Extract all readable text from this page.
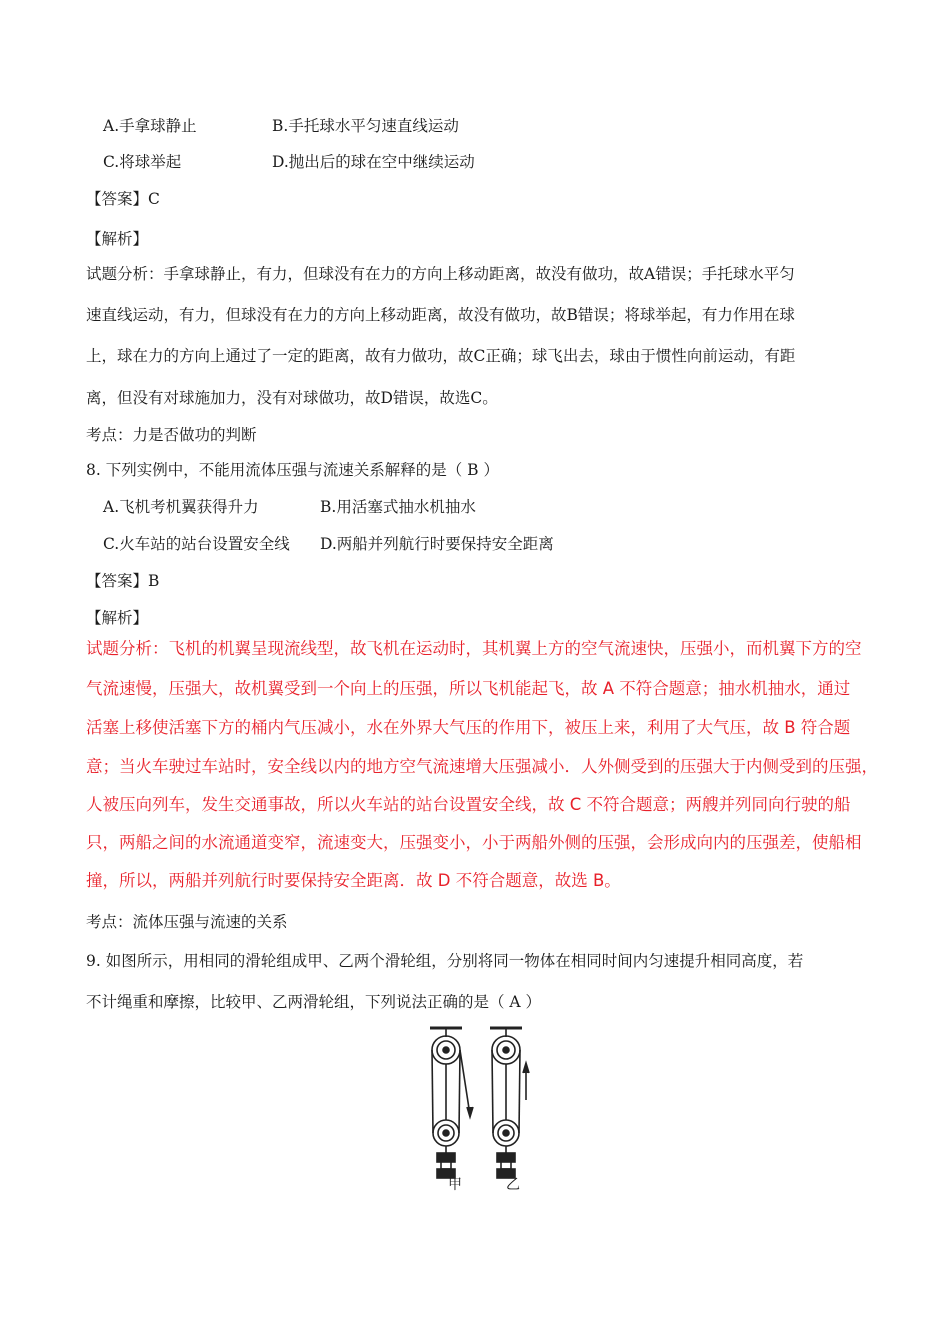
A.手拿球静止	B.手托球水平匀速直线运动
C.将球举起	D.抛出后的球在空中继续运动
【答案】C
【解析】
试题分析：手拿球静止，有力，但球没有在力的方向上移动距离，故没有做功，故A错误；手托球水平匀
速直线运动，有力，但球没有在力的方向上移动距离，故没有做功，故B错误；将球举起，有力作用在球
上，球在力的方向上通过了一定的距离，故有力做功，故C正确；球飞出去，球由于惯性向前运动，有距
离，但没有对球施加力，没有对球做功，故D错误，故选C。
考点：力是否做功的判断
8. 下列实例中，不能用流体压强与流速关系解释的是（ B ）
A.飞机考机翼获得升力	B.用活塞式抽水机抽水
C.火车站的站台设置安全线 D.两船并列航行时要保持安全距离
【答案】B
【解析】
试题分析：飞机的机翼呈现流线型，故飞机在运动时，其机翼上方的空气流速快，压强小，而机翼下方的空
气流速慢，压强大，故机翼受到一个向上的压强，所以飞机能起飞，故 A 不符合题意；抽水机抽水，通过
活塞上移使活塞下方的桶内气压减小，水在外界大气压的作用下，被压上来，利用了大气压，故 B 符合题
意；当火车驶过车站时，安全线以内的地方空气流速增大压强减小．人外侧受到的压强大于内侧受到的压强，
人被压向列车，发生交通事故，所以火车站的站台设置安全线，故 C 不符合题意；两艘并列同向行驶的船
只，两船之间的水流通道变窄，流速变大，压强变小，小于两船外侧的压强，会形成向内的压强差，使船相
撞，所以，两船并列航行时要保持安全距离．故 D 不符合题意，故选 B。
考点：流体压强与流速的关系
9. 如图所示，用相同的滑轮组成甲、乙两个滑轮组，分别将同一物体在相同时间内匀速提升相同高度，若
不计绳重和摩擦，比较甲、乙两滑轮组，下列说法正确的是（ A ）
甲	乙
